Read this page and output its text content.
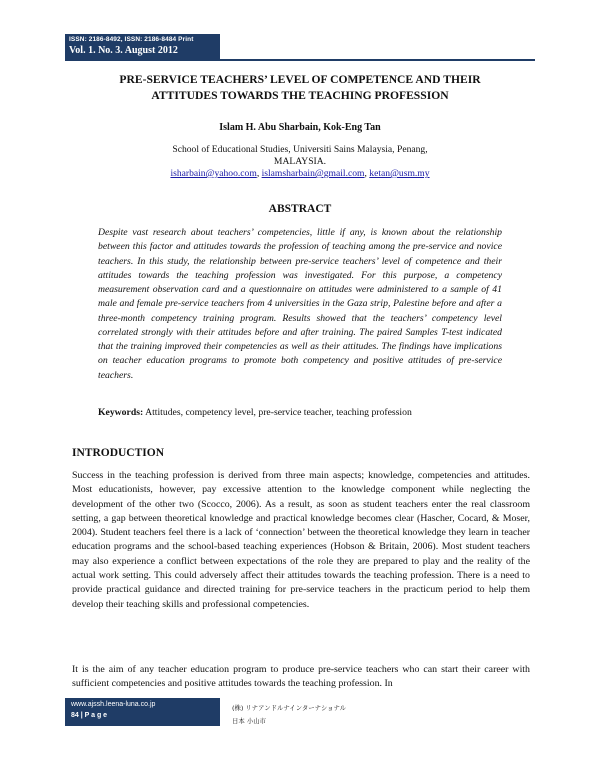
ISSN: 2186-8492, ISSN: 2186-8484 Print
Vol. 1. No. 3. August 2012
PRE-SERVICE TEACHERS’ LEVEL OF COMPETENCE AND THEIR
ATTITUDES TOWARDS THE TEACHING PROFESSION
Islam H. Abu Sharbain, Kok-Eng Tan
School of Educational Studies, Universiti Sains Malaysia, Penang,
MALAYSIA.
isharbain@yahoo.com, islamsharbain@gmail.com, ketan@usm.my
ABSTRACT
Despite vast research about teachers’ competencies, little if any, is known about the relationship between this factor and attitudes towards the profession of teaching among the pre-service and novice teachers. In this study, the relationship between pre-service teachers’ level of competence and their attitudes towards the teaching profession was investigated. For this purpose, a competency measurement observation card and a questionnaire on attitudes were administered to a sample of 41 male and female pre-service teachers from 4 universities in the Gaza strip, Palestine before and after a three-month competency training program. Results showed that the teachers’ competency level correlated strongly with their attitudes before and after training. The paired Samples T-test indicated that the training improved their competencies as well as their attitudes. The findings have implications on teacher education programs to promote both competency and positive attitudes of pre-service teachers.
Keywords: Attitudes, competency level, pre-service teacher, teaching profession
INTRODUCTION
Success in the teaching profession is derived from three main aspects; knowledge, competencies and attitudes. Most educationists, however, pay excessive attention to the knowledge component while neglecting the development of the other two (Scocco, 2006). As a result, as soon as student teachers enter the real classroom setting, a gap between theoretical knowledge and practical knowledge becomes clear (Hascher, Cocard, & Moser, 2004). Student teachers feel there is a lack of ‘connection’ between the theoretical knowledge they learn in teacher education programs and the school-based teaching experiences (Hobson & Britain, 2006). Most student teachers may also experience a conflict between expectations of the role they are prepared to play and the reality of the actual work setting. This could adversely affect their attitudes towards the teaching profession. There is a need to provide practical guidance and directed training for pre-service teachers in the practicum period to help them develop their teaching skills and professional competencies.
It is the aim of any teacher education program to produce pre-service teachers who can start their career with sufficient competencies and positive attitudes towards the teaching profession. In
www.ajssh.leena-luna.co.jp
84 | P a g e
(株) リナアンドルナインターナショナル
日本 小山市
